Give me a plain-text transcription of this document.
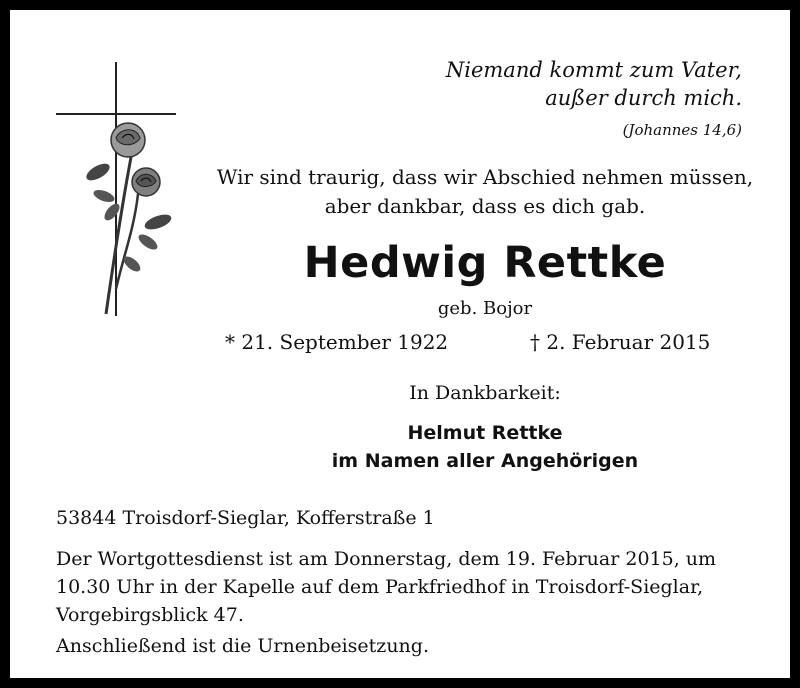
Niemand kommt zum Vater,
außer durch mich.
(Johannes 14,6)
Wir sind traurig, dass wir Abschied nehmen müssen,
aber dankbar, dass es dich gab.
Hedwig Rettke
geb. Bojor
* 21. September 1922	† 2. Februar 2015
In Dankbarkeit:
Helmut Rettke
im Namen aller Angehörigen
53844 Troisdorf-Sieglar, Kofferstraße 1
Der Wortgottesdienst ist am Donnerstag, dem 19. Februar 2015, um
10.30 Uhr in der Kapelle auf dem Parkfriedhof in Troisdorf-Sieglar,
Vorgebirgsblick 47.
Anschließend ist die Urnenbeisetzung.
